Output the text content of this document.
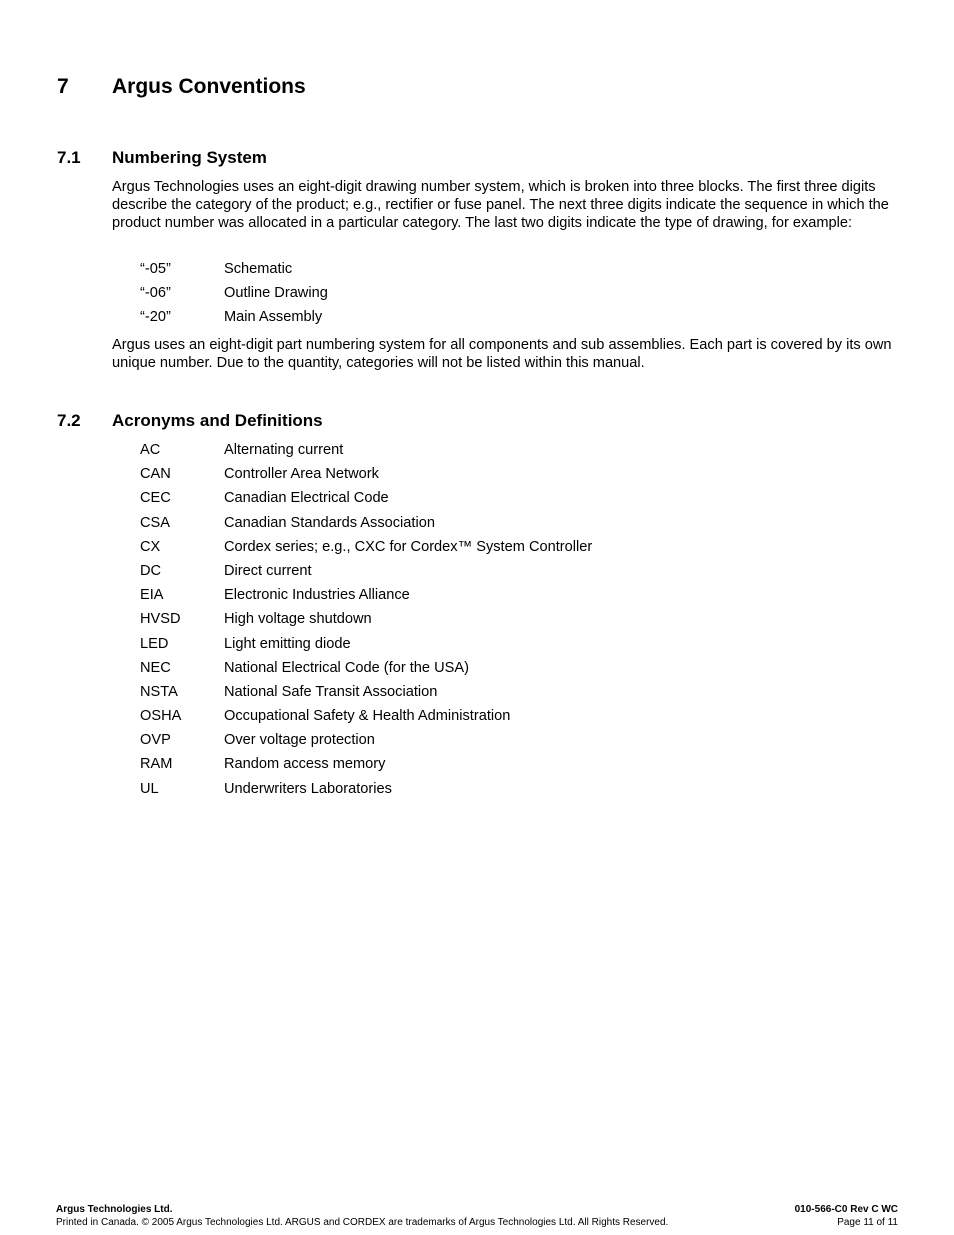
7 Argus Conventions
7.1 Numbering System

Argus Technologies uses an eight-digit drawing number system, which is broken into three blocks. The first three digits describe the category of the product; e.g., rectifier or fuse panel. The next three digits indicate the sequence in which the product number was allocated in a particular category. The last two digits indicate the type of drawing, for example:

“-05”	Schematic
“-06”	Outline Drawing
“-20”	Main Assembly

Argus uses an eight-digit part numbering system for all components and sub assemblies. Each part is covered by its own unique number. Due to the quantity, categories will not be listed within this manual.

7.2 Acronyms and Definitions
AC	Alternating current
CAN	Controller Area Network
CEC	Canadian Electrical Code
CSA	Canadian Standards Association
CX	Cordex series; e.g., CXC for Cordex™ System Controller
DC	Direct current
EIA	Electronic Industries Alliance
HVSD	High voltage shutdown
LED	Light emitting diode
NEC	National Electrical Code (for the USA)
NSTA	National Safe Transit Association
OSHA	Occupational Safety & Health Administration
OVP	Over voltage protection
RAM	Random access memory
UL	Underwriters Laboratories
Argus Technologies Ltd.	010-566-C0 Rev C WC
Printed in Canada. © 2005 Argus Technologies Ltd. ARGUS and CORDEX are trademarks of Argus Technologies Ltd. All Rights Reserved.	Page 11 of 11
